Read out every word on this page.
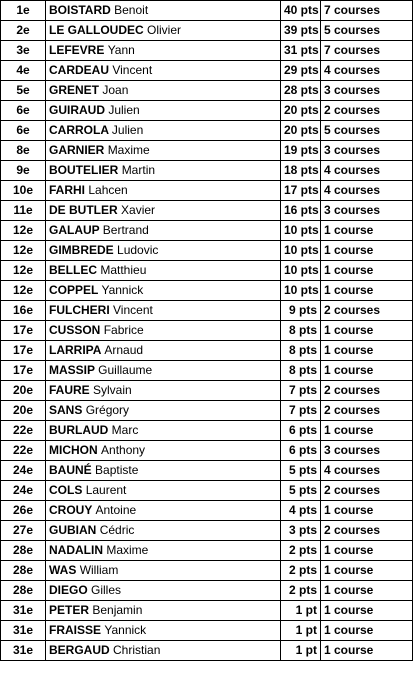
1e	BOISTARD Benoit	40 pts	7 courses
2e	LE GALLOUDEC Olivier	39 pts	5 courses
3e	LEFEVRE Yann	31 pts	7 courses
4e	CARDEAU Vincent	29 pts	4 courses
5e	GRENET Joan	28 pts	3 courses
6e	GUIRAUD Julien	20 pts	2 courses
6e	CARROLA Julien	20 pts	5 courses
8e	GARNIER Maxime	19 pts	3 courses
9e	BOUTELIER Martin	18 pts	4 courses
10e	FARHI Lahcen	17 pts	4 courses
11e	DE BUTLER Xavier	16 pts	3 courses
12e	GALAUP Bertrand	10 pts	1 course
12e	GIMBREDE Ludovic	10 pts	1 course
12e	BELLEC Matthieu	10 pts	1 course
12e	COPPEL Yannick	10 pts	1 course
16e	FULCHERI Vincent	9 pts	2 courses
17e	CUSSON Fabrice	8 pts	1 course
17e	LARRIPA Arnaud	8 pts	1 course
17e	MASSIP Guillaume	8 pts	1 course
20e	FAURE Sylvain	7 pts	2 courses
20e	SANS Grégory	7 pts	2 courses
22e	BURLAUD Marc	6 pts	1 course
22e	MICHON Anthony	6 pts	3 courses
24e	BAUNÉ Baptiste	5 pts	4 courses
24e	COLS Laurent	5 pts	2 courses
26e	CROUY Antoine	4 pts	1 course
27e	GUBIAN Cédric	3 pts	2 courses
28e	NADALIN Maxime	2 pts	1 course
28e	WAS William	2 pts	1 course
28e	DIEGO Gilles	2 pts	1 course
31e	PETER Benjamin	1 pt	1 course
31e	FRAISSE Yannick	1 pt	1 course
31e	BERGAUD Christian	1 pt	1 course
